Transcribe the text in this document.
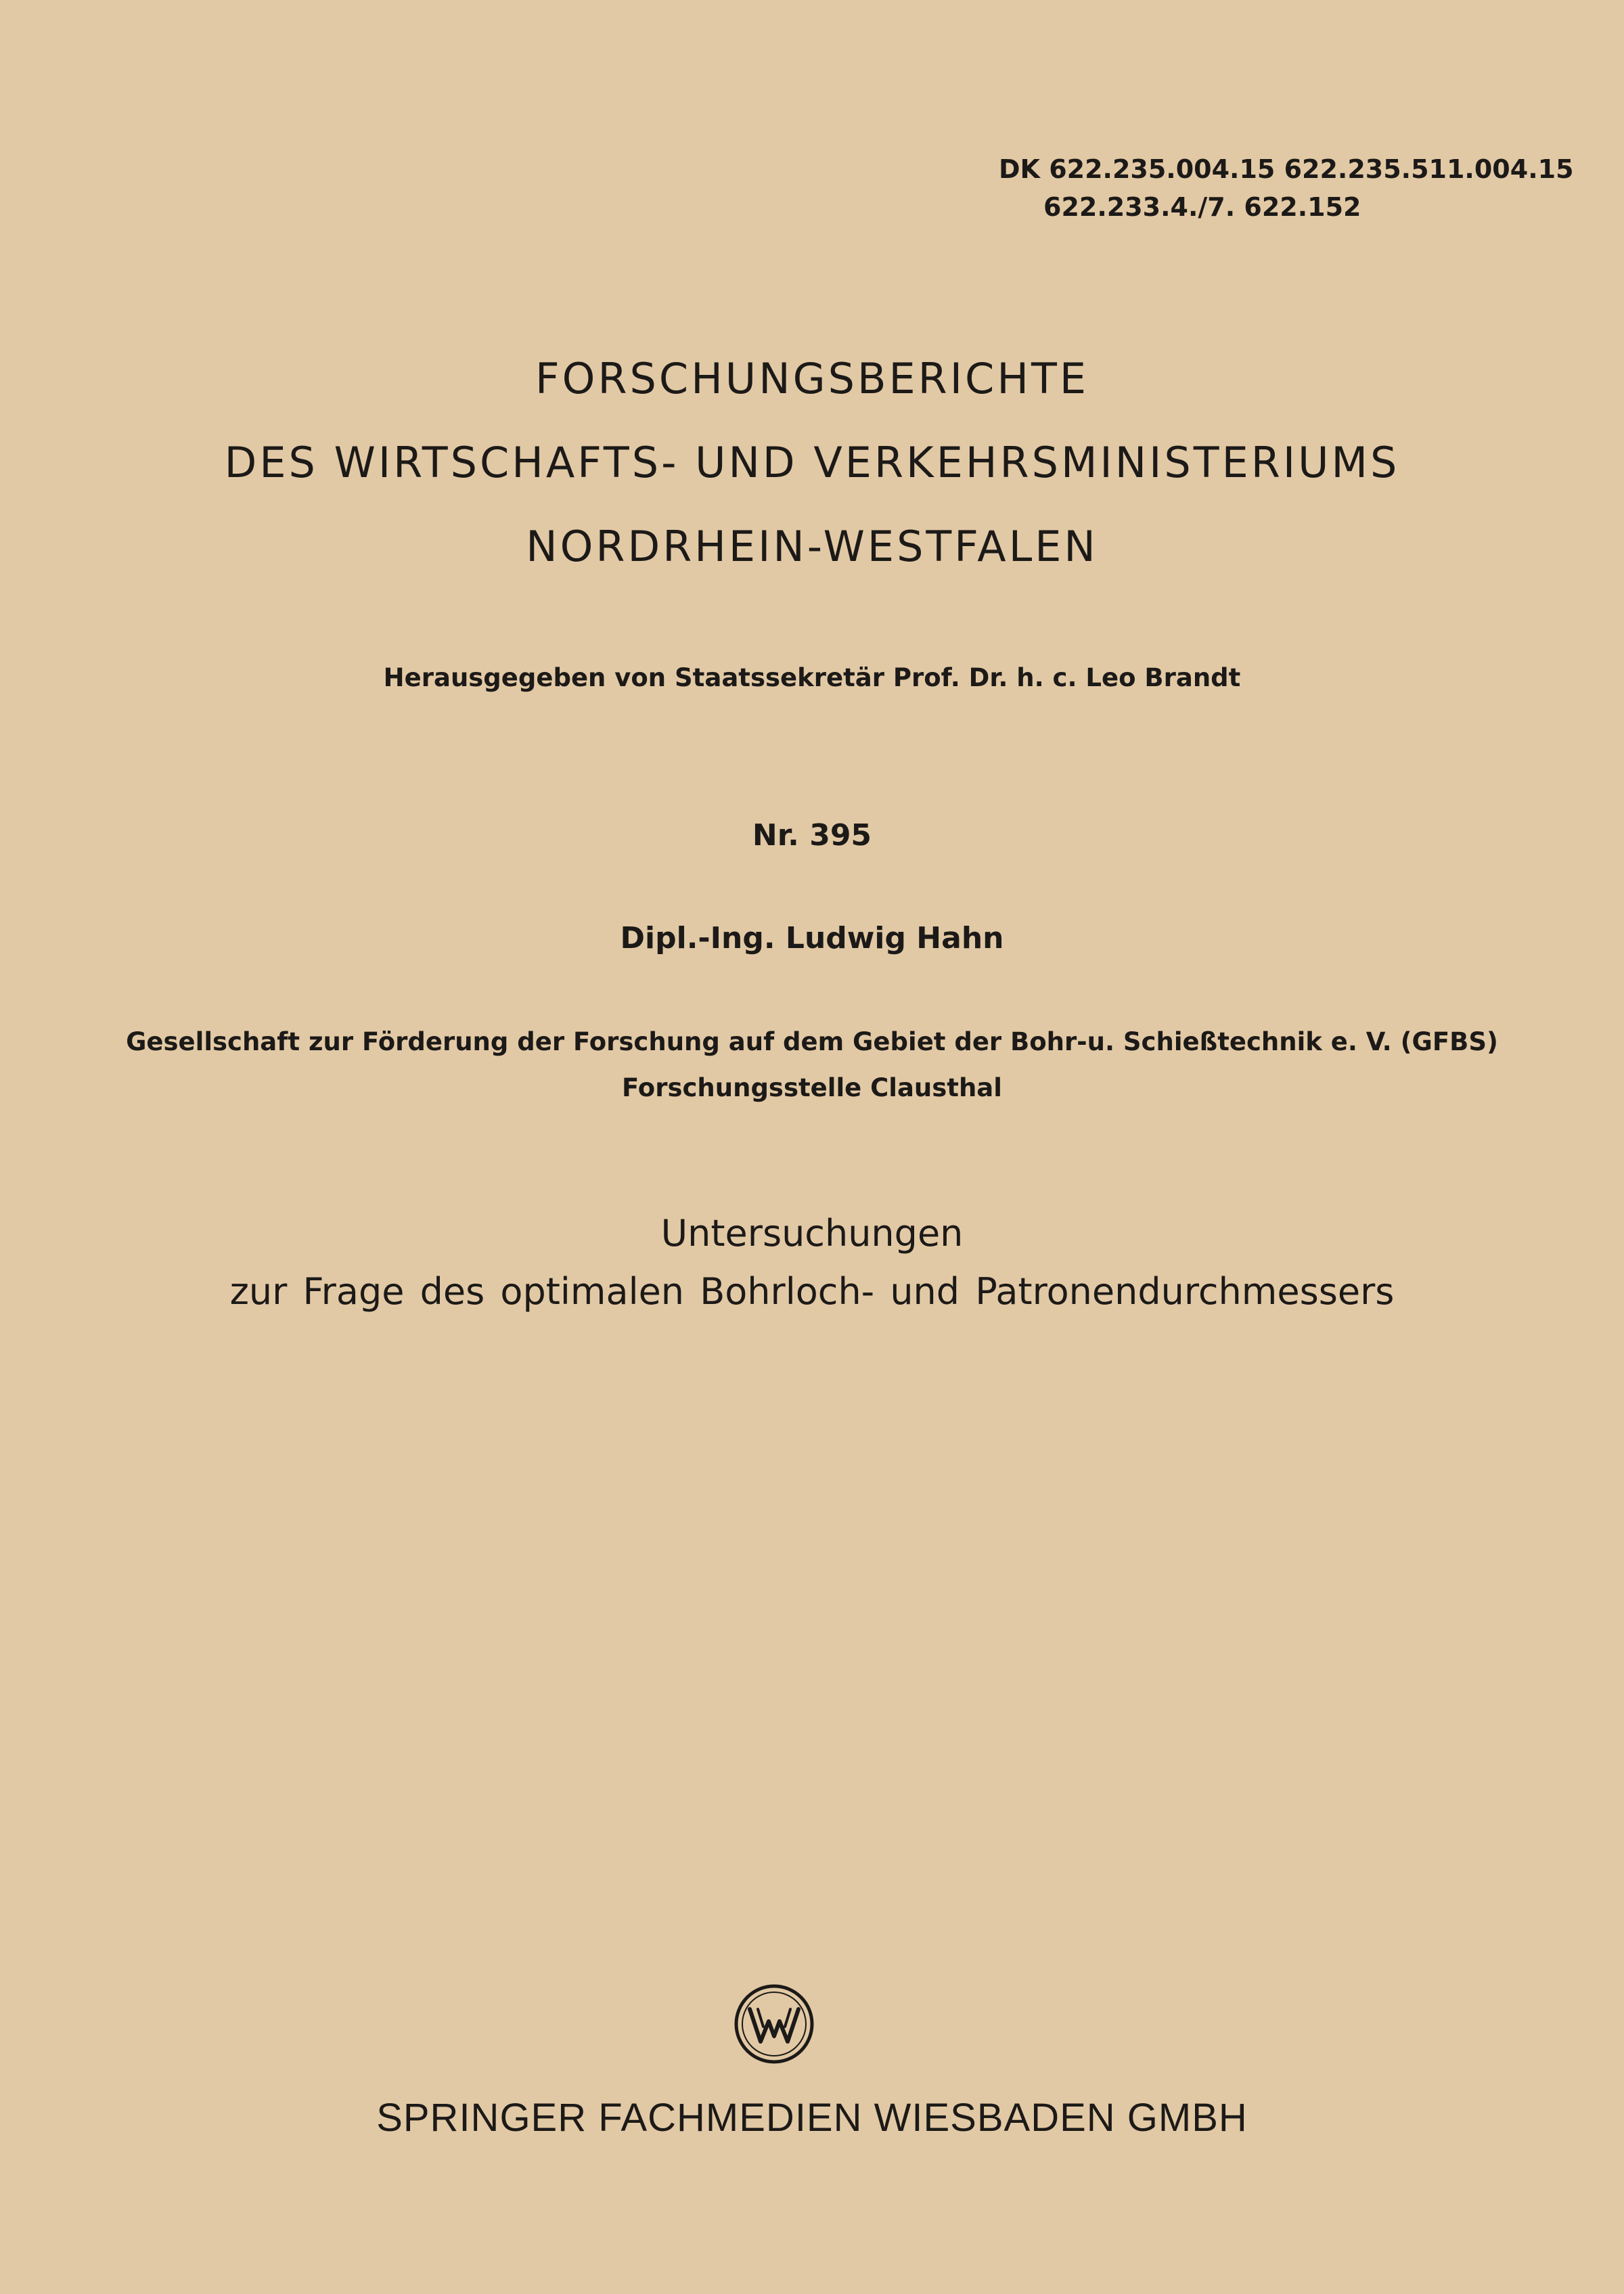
DK 622.235.004.15 622.235.511.004.15
622.233.4./7. 622.152
FORSCHUNGSBERICHTE
DES WIRTSCHAFTS- UND VERKEHRSMINISTERIUMS
NORDRHEIN-WESTFALEN
Herausgegeben von Staatssekretär Prof. Dr. h. c. Leo Brandt
Nr. 395
Dipl.-Ing. Ludwig Hahn
Gesellschaft zur Förderung der Forschung auf dem Gebiet der Bohr-u. Schießtechnik e. V. (GFBS)
Forschungsstelle Clausthal
Untersuchungen
zur Frage des optimalen Bohrloch- und Patronendurchmessers
SPRINGER FACHMEDIEN WIESBADEN GMBH
